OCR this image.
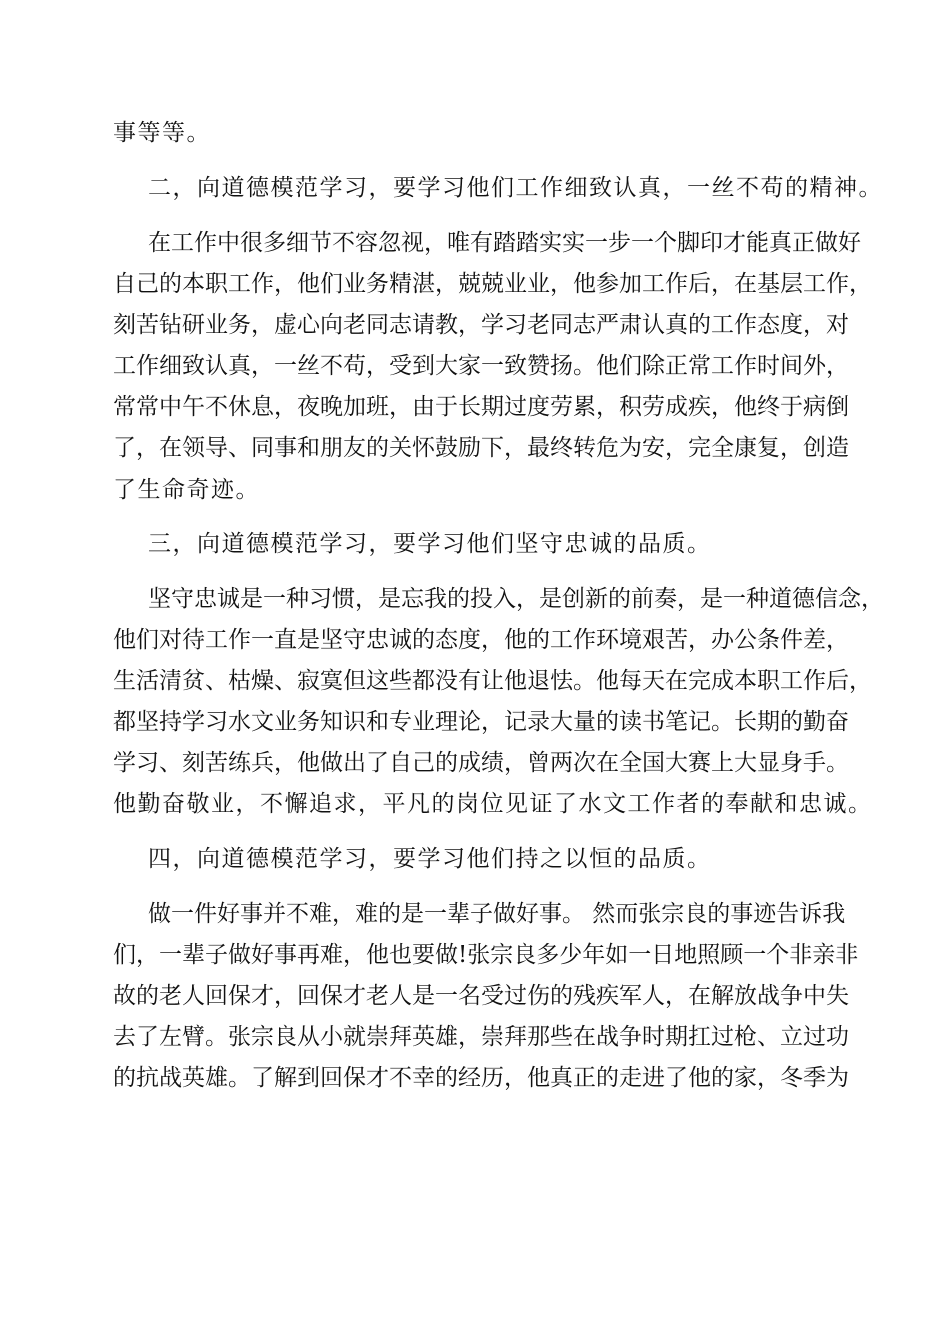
事等等。
二，向道德模范学习，要学习他们工作细致认真，一丝不苟的精神。
在工作中很多细节不容忽视，唯有踏踏实实一步一个脚印才能真正做好
自己的本职工作，他们业务精湛，兢兢业业，他参加工作后，在基层工作，
刻苦钻研业务，虚心向老同志请教，学习老同志严肃认真的工作态度，对
工作细致认真，一丝不苟，受到大家一致赞扬。他们除正常工作时间外，
常常中午不休息，夜晚加班，由于长期过度劳累，积劳成疾，他终于病倒
了，在领导、同事和朋友的关怀鼓励下，最终转危为安，完全康复，创造
了生命奇迹。
三，向道德模范学习，要学习他们坚守忠诚的品质。
坚守忠诚是一种习惯，是忘我的投入，是创新的前奏，是一种道德信念，
他们对待工作一直是坚守忠诚的态度，他的工作环境艰苦，办公条件差，
生活清贫、枯燥、寂寞但这些都没有让他退怯。他每天在完成本职工作后，
都坚持学习水文业务知识和专业理论，记录大量的读书笔记。长期的勤奋
学习、刻苦练兵，他做出了自己的成绩，曾两次在全国大赛上大显身手。
他勤奋敬业，不懈追求，平凡的岗位见证了水文工作者的奉献和忠诚。
四，向道德模范学习，要学习他们持之以恒的品质。
做一件好事并不难，难的是一辈子做好事。 然而张宗良的事迹告诉我
们，一辈子做好事再难，他也要做!张宗良多少年如一日地照顾一个非亲非
故的老人回保才，回保才老人是一名受过伤的残疾军人，在解放战争中失
去了左臂。张宗良从小就崇拜英雄，崇拜那些在战争时期扛过枪、立过功
的抗战英雄。了解到回保才不幸的经历，他真正的走进了他的家，冬季为
